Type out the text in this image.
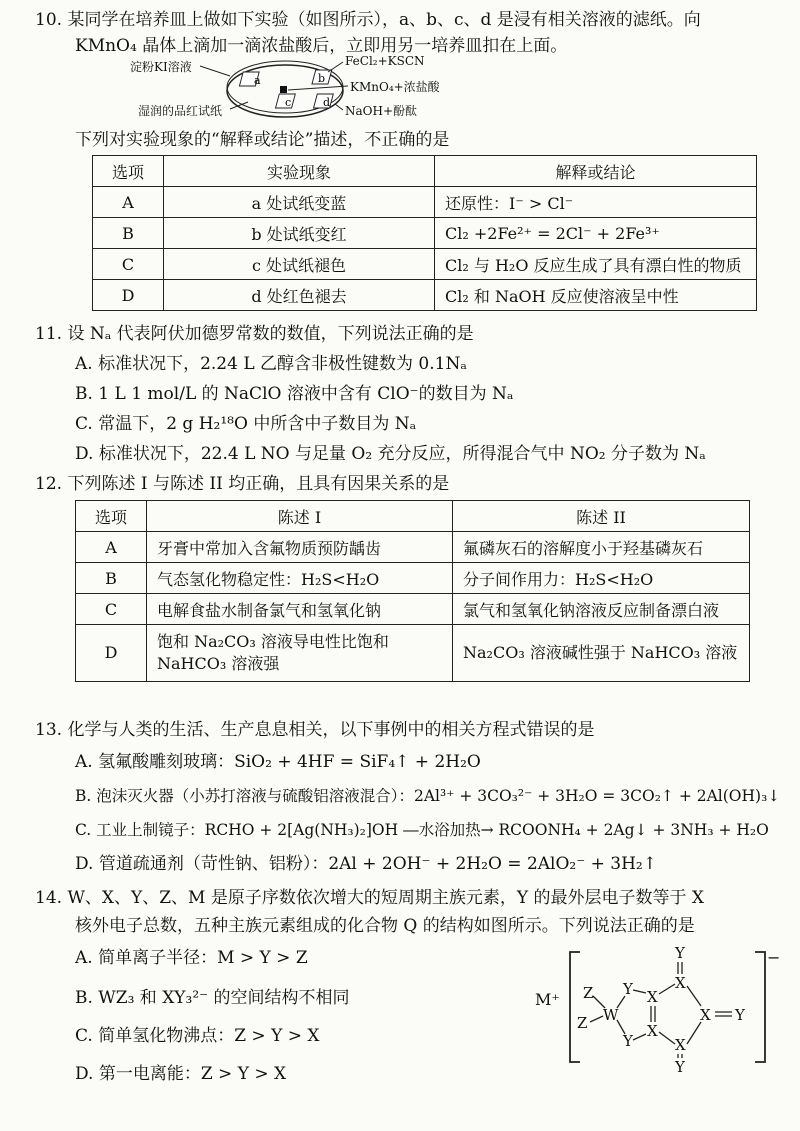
10. 某同学在培养皿上做如下实验（如图所示），a、b、c、d 是浸有相关溶液的滤纸。向
KMnO₄ 晶体上滴加一滴浓盐酸后，立即用另一培养皿扣在上面。
淀粉KI溶液
湿润的品红试纸
FeCl₂+KSCN
KMnO₄+浓盐酸
NaOH+酚酞
a	b
c	d
下列对实验现象的“解释或结论”描述，不正确的是
选项	实验现象	解释或结论
A	a 处试纸变蓝	还原性：I⁻ > Cl⁻
B	b 处试纸变红	Cl₂ +2Fe²⁺ = 2Cl⁻ + 2Fe³⁺
C	c 处试纸褪色	Cl₂ 与 H₂O 反应生成了具有漂白性的物质
D	d 处红色褪去	Cl₂ 和 NaOH 反应使溶液呈中性
11. 设 Nₐ 代表阿伏加德罗常数的数值，下列说法正确的是
A. 标准状况下，2.24 L 乙醇含非极性键数为 0.1Nₐ
B. 1 L 1 mol/L 的 NaClO 溶液中含有 ClO⁻的数目为 Nₐ
C. 常温下，2 g H₂¹⁸O 中所含中子数目为 Nₐ
D. 标准状况下，22.4 L NO 与足量 O₂ 充分反应，所得混合气中 NO₂ 分子数为 Nₐ
12. 下列陈述 I 与陈述 II 均正确，且具有因果关系的是
选项	陈述 I	陈述 II
A	牙膏中常加入含氟物质预防龋齿	氟磷灰石的溶解度小于羟基磷灰石
B	气态氢化物稳定性：H₂S<H₂O	分子间作用力：H₂S<H₂O
C	电解食盐水制备氯气和氢氧化钠	氯气和氢氧化钠溶液反应制备漂白液
D	饱和 Na₂CO₃ 溶液导电性比饱和 NaHCO₃ 溶液强	Na₂CO₃ 溶液碱性强于 NaHCO₃ 溶液
13. 化学与人类的生活、生产息息相关，以下事例中的相关方程式错误的是
A. 氢氟酸雕刻玻璃：SiO₂ + 4HF = SiF₄↑ + 2H₂O
B. 泡沫灭火器（小苏打溶液与硫酸铝溶液混合）：2Al³⁺ + 3CO₃²⁻ + 3H₂O = 3CO₂↑ + 2Al(OH)₃↓
C. 工业上制镜子：RCHO + 2[Ag(NH₃)₂]OH ―水浴加热→ RCOONH₄ + 2Ag↓ + 3NH₃ + H₂O
D. 管道疏通剂（苛性钠、铝粉）：2Al + 2OH⁻ + 2H₂O = 2AlO₂⁻ + 3H₂↑
14. W、X、Y、Z、M 是原子序数依次增大的短周期主族元素，Y 的最外层电子数等于 X
核外电子总数，五种主族元素组成的化合物 Q 的结构如图所示。下列说法正确的是
A. 简单离子半径：M > Y > Z
B. WZ₃ 和 XY₃²⁻ 的空间结构不相同
C. 简单氢化物沸点：Z > Y > X
D. 第一电离能：Z > Y > X
M⁺
−
Z
Z W
Y
Y
X
X
X
X
Y
Y
X Y
